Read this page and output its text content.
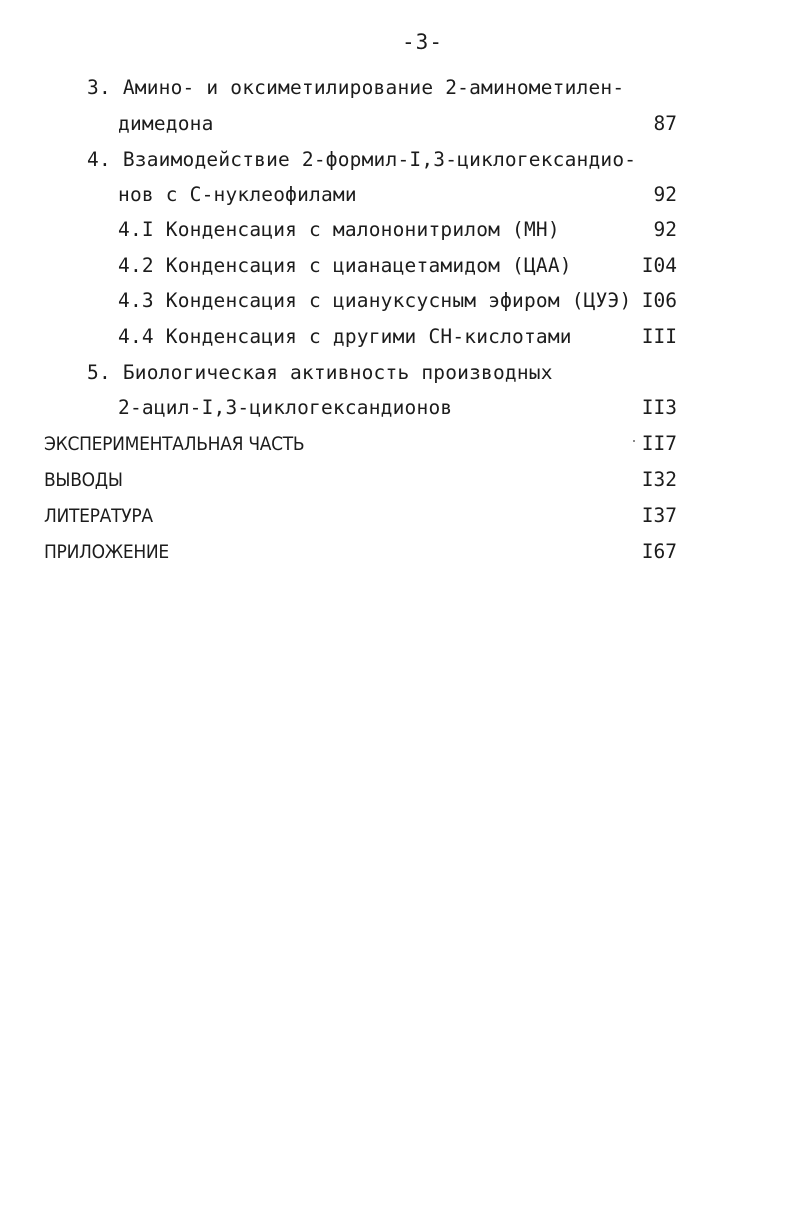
-3-
3. Амино- и оксиметилирование 2-аминометилен-
димедона	87
4. Взаимодействие 2-формил-I,3-циклогександио-
нов с С-нуклеофилами	92
4.I Конденсация с малононитрилом (МН)	92
4.2 Конденсация с цианацетамидом (ЦАА)	I04
4.3 Конденсация с циануксусным эфиром (ЦУЭ) I06
4.4 Конденсация с другими СН-кислотами	III
5. Биологическая активность производных
2-ацил-I,3-циклогександионов	II3
ЭКСПЕРИМЕНТАЛЬНАЯ ЧАСТЬ	II7
ВЫВОДЫ	I32
ЛИТЕРАТУРА	I37
ПРИЛОЖЕНИЕ	I67
